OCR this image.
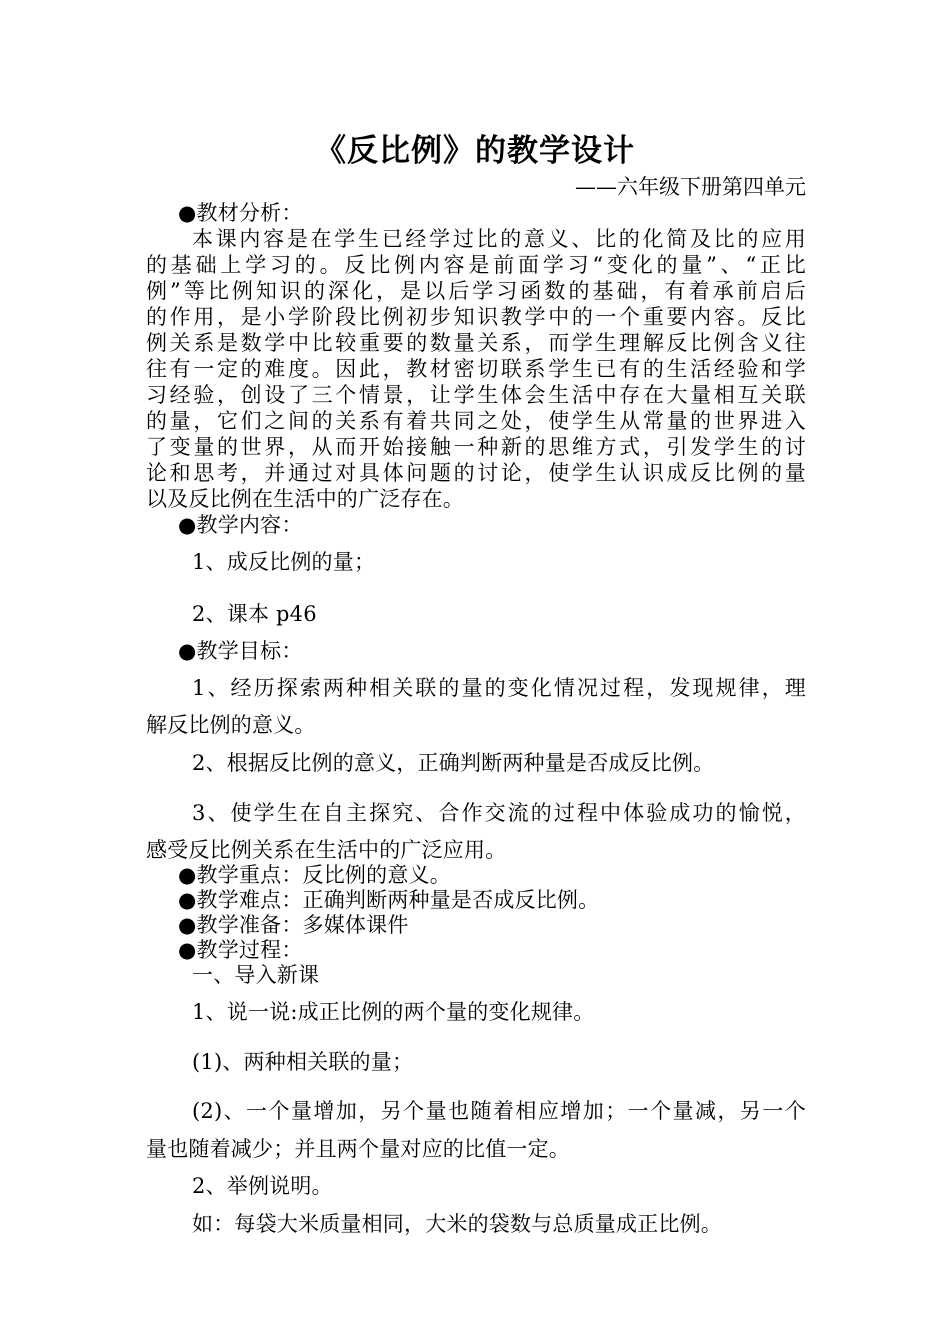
《反比例》的教学设计
——六年级下册第四单元
●教材分析：
本课内容是在学生已经学过比的意义、比的化简及比的应用
的基础上学习的。反比例内容是前面学习“变化的量”、“正比
例”等比例知识的深化，是以后学习函数的基础，有着承前启后
的作用，是小学阶段比例初步知识教学中的一个重要内容。反比
例关系是数学中比较重要的数量关系，而学生理解反比例含义往
往有一定的难度。因此，教材密切联系学生已有的生活经验和学
习经验，创设了三个情景，让学生体会生活中存在大量相互关联
的量，它们之间的关系有着共同之处，使学生从常量的世界进入
了变量的世界，从而开始接触一种新的思维方式，引发学生的讨
论和思考，并通过对具体问题的讨论，使学生认识成反比例的量
以及反比例在生活中的广泛存在。
●教学内容：
1、成反比例的量；
2、课本 p46
●教学目标：
1、经历探索两种相关联的量的变化情况过程，发现规律，理
解反比例的意义。
2、根据反比例的意义，正确判断两种量是否成反比例。
3、使学生在自主探究、合作交流的过程中体验成功的愉悦，
感受反比例关系在生活中的广泛应用。
●教学重点：反比例的意义。
●教学难点：正确判断两种量是否成反比例。
●教学准备：多媒体课件
●教学过程：
一、导入新课
1、说一说:成正比例的两个量的变化规律。
(1)、两种相关联的量；
(2)、一个量增加，另个量也随着相应增加；一个量减，另一个
量也随着减少；并且两个量对应的比值一定。
2、举例说明。
如：每袋大米质量相同，大米的袋数与总质量成正比例。
